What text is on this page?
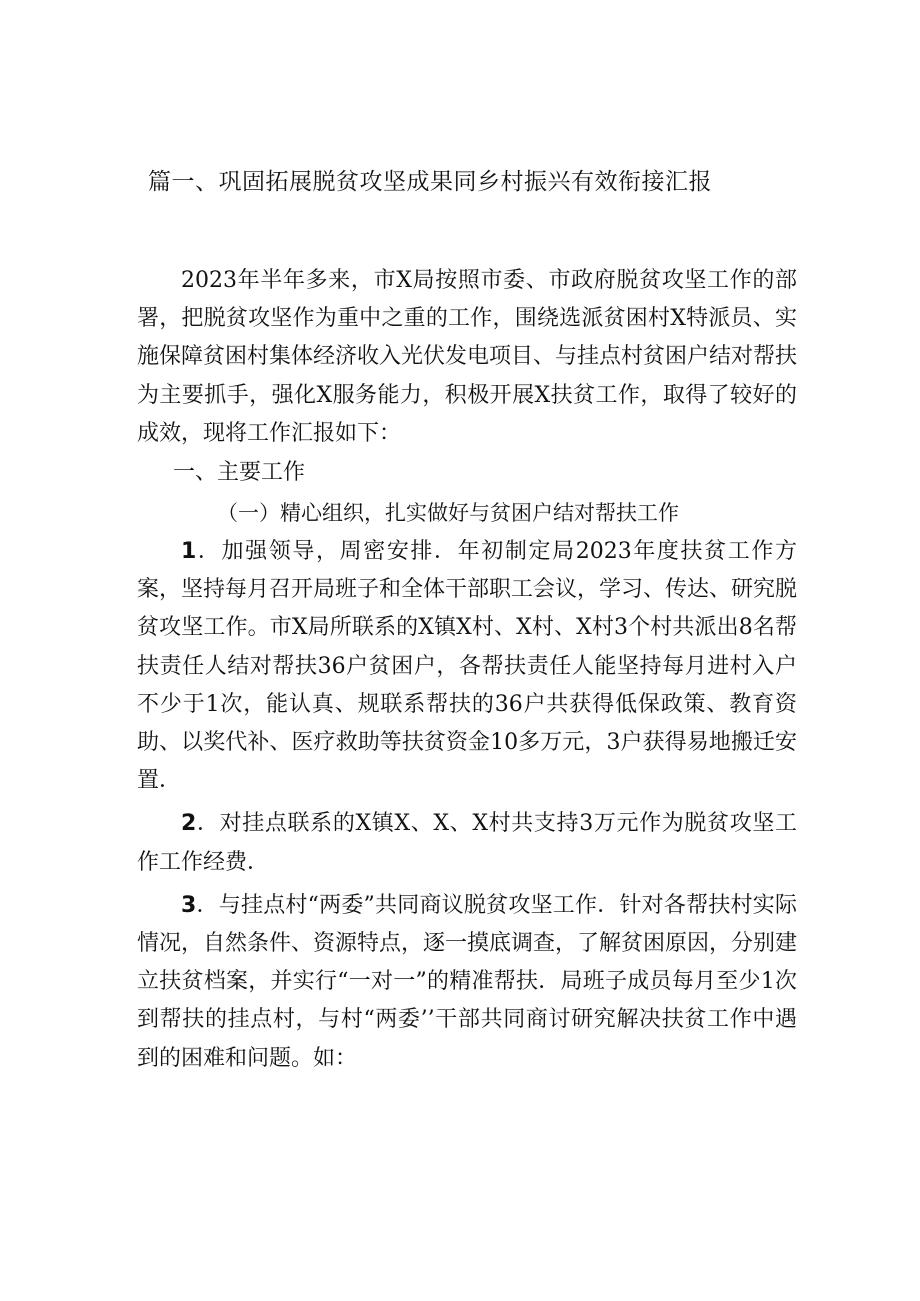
篇一、巩固拓展脱贫攻坚成果同乡村振兴有效衔接汇报

2023年半年多来，市X局按照市委、市政府脱贫攻坚工作的部署，把脱贫攻坚作为重中之重的工作，围绕选派贫困村X特派员、实施保障贫困村集体经济收入光伏发电项目、与挂点村贫困户结对帮扶为主要抓手，强化X服务能力，积极开展X扶贫工作，取得了较好的成效，现将工作汇报如下：

一、主要工作

（一）精心组织，扎实做好与贫困户结对帮扶工作

1．加强领导，周密安排．年初制定局2023年度扶贫工作方案，坚持每月召开局班子和全体干部职工会议，学习、传达、研究脱贫攻坚工作。市X局所联系的X镇X村、X村、X村3个村共派出8名帮扶责任人结对帮扶36户贫困户，各帮扶责任人能坚持每月进村入户不少于1次，能认真、规联系帮扶的36户共获得低保政策、教育资助、以奖代补、医疗救助等扶贫资金10多万元，3户获得易地搬迁安置．

2．对挂点联系的X镇X、X、X村共支持3万元作为脱贫攻坚工作工作经费．

3．与挂点村“两委”共同商议脱贫攻坚工作．针对各帮扶村实际情况，自然条件、资源特点，逐一摸底调查，了解贫困原因，分别建立扶贫档案，并实行“一对一”的精准帮扶．局班子成员每月至少1次到帮扶的挂点村，与村“两委’’干部共同商讨研究解决扶贫工作中遇到的困难和问题。如：
